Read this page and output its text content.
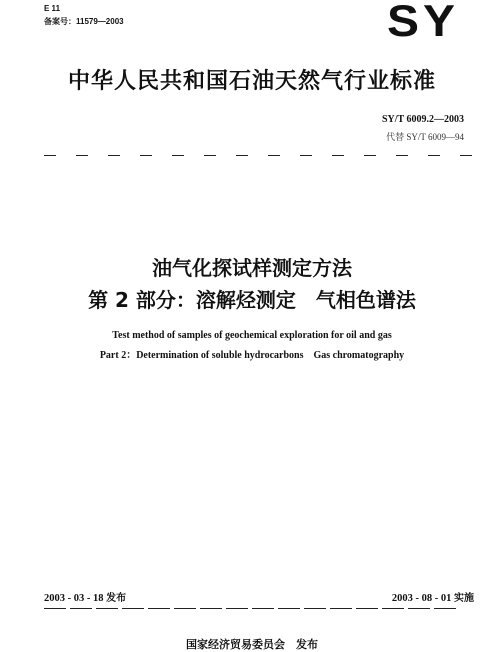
E 11
备案号：11579—2003	SY
中华人民共和国石油天然气行业标准
SY/T 6009.2—2003
代替 SY/T 6009—94
油气化探试样测定方法
第 2 部分：溶解烃测定　气相色谱法
Test method of samples of geochemical exploration for oil and gas
Part 2：Determination of soluble hydrocarbons　Gas chromatography
2003 - 03 - 18 发布	2003 - 08 - 01 实施
国家经济贸易委员会　发布
